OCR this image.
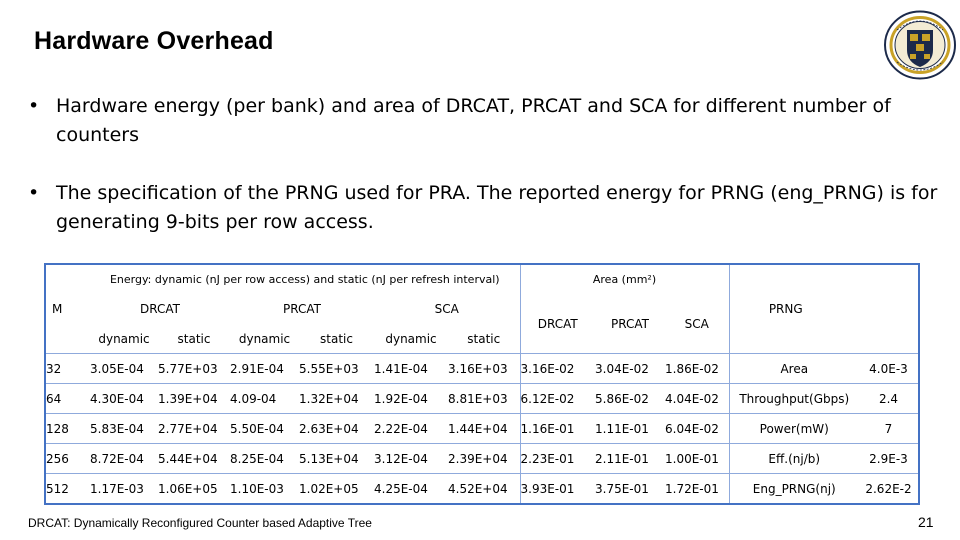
Hardware Overhead
• Hardware energy (per bank) and area of DRCAT, PRCAT and SCA for different number of counters
• The specification of the PRNG used for PRA. The reported energy for PRNG (eng_PRNG) is for generating 9-bits per row access.
M	Energy: dynamic (nJ per row access) and static (nJ per refresh interval)						Area (mm²)			PRNG	
	DRCAT		PRCAT		SCA		DRCAT	PRCAT	SCA		
	dynamic	static	dynamic	static	dynamic	static					
32	3.05E-04	5.77E+03	2.91E-04	5.55E+03	1.41E-04	3.16E+03	3.16E-02	3.04E-02	1.86E-02	Area	4.0E-3
64	4.30E-04	1.39E+04	4.09-04	1.32E+04	1.92E-04	8.81E+03	6.12E-02	5.86E-02	4.04E-02	Throughput(Gbps)	2.4
128	5.83E-04	2.77E+04	5.50E-04	2.63E+04	2.22E-04	1.44E+04	1.16E-01	1.11E-01	6.04E-02	Power(mW)	7
256	8.72E-04	5.44E+04	8.25E-04	5.13E+04	3.12E-04	2.39E+04	2.23E-01	2.11E-01	1.00E-01	Eff.(nj/b)	2.9E-3
512	1.17E-03	1.06E+05	1.10E-03	1.02E+05	4.25E-04	4.52E+04	3.93E-01	3.75E-01	1.72E-01	Eng_PRNG(nj)	2.62E-2
DRCAT: Dynamically Reconfigured Counter based Adaptive Tree	21
